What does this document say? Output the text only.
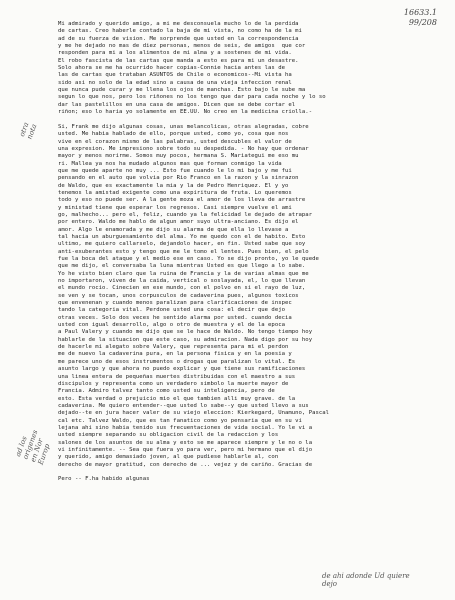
16633.1
99/208
otra
nota
ad los
origenes
en Nor
Europ
Mi admirado y querido amigo, a mi me desconsuela mucho lo de la perdida
de cartas. Creo haberle contado la baja de mi vista, no como ha de la mi
ad de su fuerza de vision. Me sorprende que usted en la correspondencia
y me he dejado no mas de diez personas, menos de seis, de amigos  que cor
responden para mi a los alimentos de mi alma y a sostenes de mi vida.
El robo fascista de las cartas que manda a esto es para mi un desastre.
Solo ahora se me ha ocurrido hacer copias-Connie hacia antes las de
las de cartas que trataban ASUNTOS de Chile o economicos--Mi vista ha
sido asi no solo de la edad sino a causa de una vieja infeccion renal
que nunca pude curar y me llena los ojos de manchas. Esto bajo le sube ma
segun lo que nos, pero los riñones no los tengo que dar para cada noche y lo so
dar las pastelillos en una casa de amigos. Dicen que se debe cortar el
riñon; eso lo haria yo solamente en EE.UU. No creo en la medicina criolla.-
Si, Frank me dijo algunas cosas, unas melancolicas, otras alegradas, cobre
usted. Me habia hablado de ello, porque usted, como yo, cosa que nos
vive en el corazon mismo de las palabras, usted descubles el valor de
una expresion. Me impresiono sobre todo su despedida. - No hay que ordenar
mayor y menos morirme. Somos muy pocos, hermana S. Mariategui me eso mu
ri. Mallea ya nos ha mudado algunos mas que forman conmigo la vida
que me quede aparte no muy ... Esto fue cuando le lo mi bajo y me fui
pensando en el auto que volvia por Rio Franco en la razon y la sinrazon
de Waldo, que es exactamente la mia y la de Pedro Henriquez. El y yo
tenemos la amistad exigente como una expiritura de fruta. Lo queremos
todo y eso no puede ser. A la gente moza el amor de los lleva de arrastre
y ministad tiene que esperar los regresos. Casi siempre vuelve el ami
go, malhecho... pero el, feliz, cuando ya la felicidad le dejado de atrapar
por entero. Waldo me hablo de algun amor suyo ultra-anciano. Es dijo el
amor. Algo le enamorada y me dijo su alarma de que ella lo llevase a
tal hacia un aburguesamiento del alma. Yo me quedo con el de habito. Esto
ultimo, me quiero callarselo, dejandolo hacer, en fin. Usted sabe que soy
anti-exuberantes esto y tengo que me le tomo el lentes. Pues bien, el pelo
fue la boca del ataque y el medio ese en caso. Yo se dijo pronto, yo le quede
que me dijo, el conversaba la luna mientras Usted es que llego a lo sabe.
Yo he visto bien claro que la ruina de Francia y la de varias almas que me
no importaron, viven de la caida, vertical o soslayada, el, lo que llevan
el mundo rocio. Cinecien en ese mundo, con el polvo en si el rayo de luz,
se ven y se tocan, unos corpusculos de cadaverina pues, algunos toxicos
que envenenan y cuando menos paralizan para clarificaciones de inspec
tando la categoria vital. Perdone usted una cosa: el decir que dejo
otras veces. Solo dos veces he sentido alarma por usted. cuando decia
usted con igual desarrollo, algo o otro de muestra y el de la epoca
a Paul Valery y cuando me dijo que se le hace de Waldo. No tengo tiempo hoy
hablarle de la situacion que este caso, su admiracion. Nada digo por su hoy
de hacerle mi alegato sobre Valery, que representa para mi el perdon
me de nuevo la cadaverina pura, en la persona fisica y en la poesia y
me parece uno de esos instrumentos o drogas que paralizan lo vital. Es
asunto largo y que ahora no puedo explicar y que tiene sus ramificaciones
una linea entera de pequeñas muertes distribuidas con el maestro a sus
discipulos y representa como un verdadero simbolo la muerte mayor de
Francia. Admiro talvez tanto como usted su inteligencia, pero de
esto. Esta verdad o prejuicio mio el que tambien alli muy grave. de la
cadaverina. Me quiero entender--que usted lo sabe--y que usted llevo a sus
dejado--te en jura hacer valer de su viejo eleccion: Kierkegard, Unamuno, Pascal
cal etc. Talvez Waldo, que es tan fanatico como yo pensaria que en su vi
lejana ahi sino habia tenido sus frecuentaciones de vida social. Yo le vi a
usted siempre separando su obligacion civil de la redaccion y los
salones de los asuntos de su alma y esto se me aparece siempre y le no o la
vi infinitamente. -- Sea que fuera yo para ver, pero mi hermano que el dijo
y querido, amigo demasiado joven, al que pudiese hablarle al, con
derecho de mayor gratitud, con derecho de ... vejez y de cariño. Gracias de
Pero -- F.ha habido algunas
de ahi adonde Ud quiere
dejo
